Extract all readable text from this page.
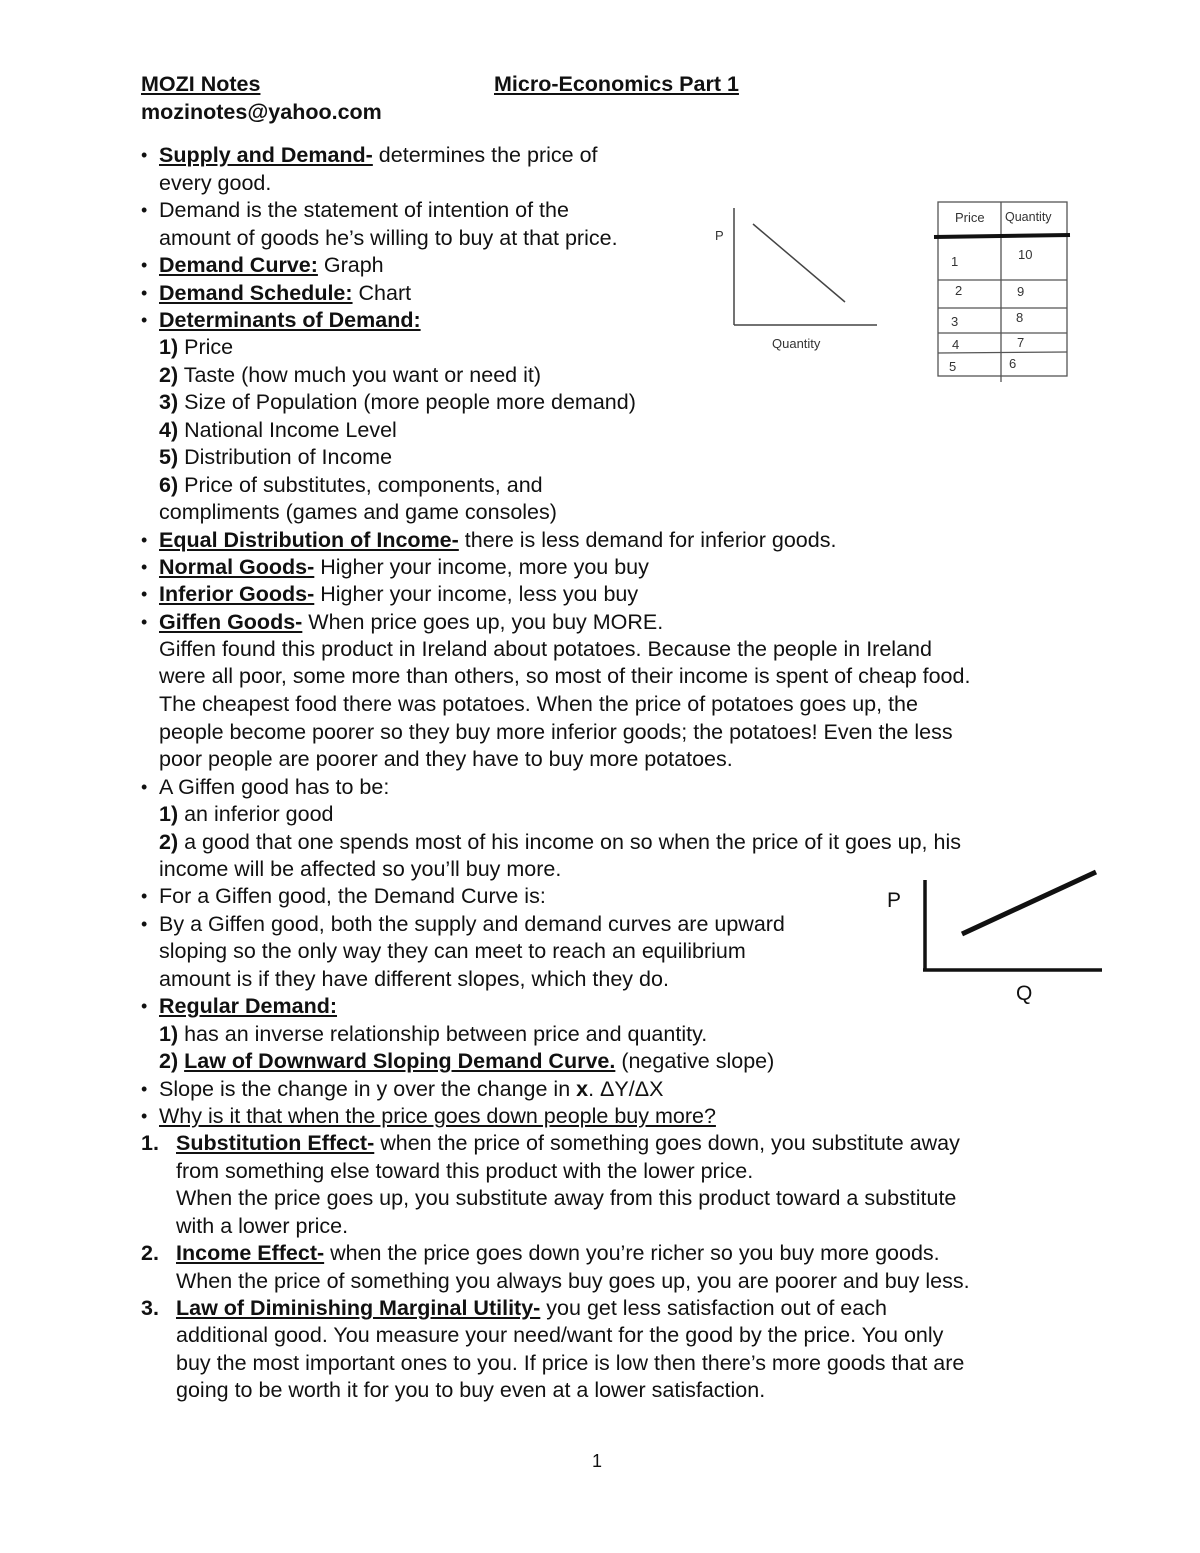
MOZI Notes	Micro-Economics Part 1
mozinotes@yahoo.com
• Supply and Demand- determines the price of
every good.
• Demand is the statement of intention of the
amount of goods he’s willing to buy at that price.
• Demand Curve: Graph
• Demand Schedule: Chart
• Determinants of Demand:
1) Price
2) Taste (how much you want or need it)
3) Size of Population (more people more demand)
4) National Income Level
5) Distribution of Income
6) Price of substitutes, components, and
compliments (games and game consoles)
• Equal Distribution of Income- there is less demand for inferior goods.
• Normal Goods- Higher your income, more you buy
• Inferior Goods- Higher your income, less you buy
• Giffen Goods- When price goes up, you buy MORE.
Giffen found this product in Ireland about potatoes. Because the people in Ireland
were all poor, some more than others, so most of their income is spent of cheap food.
The cheapest food there was potatoes. When the price of potatoes goes up, the
people become poorer so they buy more inferior goods; the potatoes! Even the less
poor people are poorer and they have to buy more potatoes.
• A Giffen good has to be:
1) an inferior good
2) a good that one spends most of his income on so when the price of it goes up, his
income will be affected so you’ll buy more.
• For a Giffen good, the Demand Curve is:
• By a Giffen good, both the supply and demand curves are upward
sloping so the only way they can meet to reach an equilibrium
amount is if they have different slopes, which they do.
• Regular Demand:
1) has an inverse relationship between price and quantity.
2) Law of Downward Sloping Demand Curve. (negative slope)
• Slope is the change in y over the change in x. ΔY/ΔX
• Why is it that when the price goes down people buy more?
1. Substitution Effect- when the price of something goes down, you substitute away
from something else toward this product with the lower price.
When the price goes up, you substitute away from this product toward a substitute
with a lower price.
2. Income Effect- when the price goes down you’re richer so you buy more goods.
When the price of something you always buy goes up, you are poorer and buy less.
3. Law of Diminishing Marginal Utility- you get less satisfaction out of each
additional good. You measure your need/want for the good by the price. You only
buy the most important ones to you. If price is low then there’s more goods that are
going to be worth it for you to buy even at a lower satisfaction.
P
Quantity
Price Quantity
1	10
2	9
3	8
4	7
5	6
P
Q
1
